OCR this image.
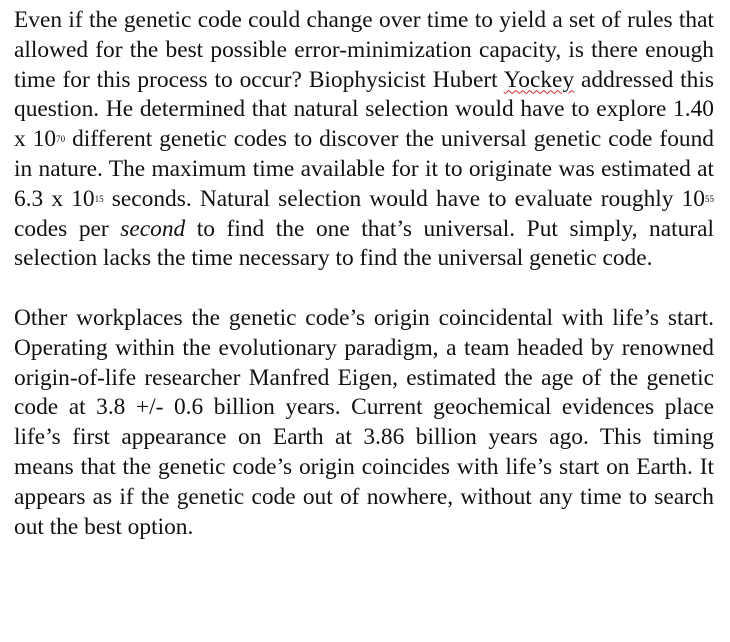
Even if the genetic code could change over time to yield a set of rules that allowed for the best possible error-minimization capacity, is there enough time for this process to occur? Biophysicist Hubert Yockey addressed this question. He determined that natural selection would have to explore 1.40 x $10^{70}$ different genetic codes to discover the universal genetic code found in nature. The maximum time available for it to originate was estimated at 6.3 x $10^{15}$ seconds. Natural selection would have to evaluate roughly $10^{55}$ codes per second to find the one that’s universal. Put simply, natural selection lacks the time necessary to find the universal genetic code.

Other workplaces the genetic code’s origin coincidental with life’s start. Operating within the evolutionary paradigm, a team headed by renowned origin-of-life researcher Manfred Eigen, estimated the age of the genetic code at 3.8 +/- 0.6 billion years. Current geochemical evidences place life’s first appearance on Earth at 3.86 billion years ago. This timing means that the genetic code’s origin coincides with life’s start on Earth. It appears as if the genetic code out of nowhere, without any time to search out the best option.
